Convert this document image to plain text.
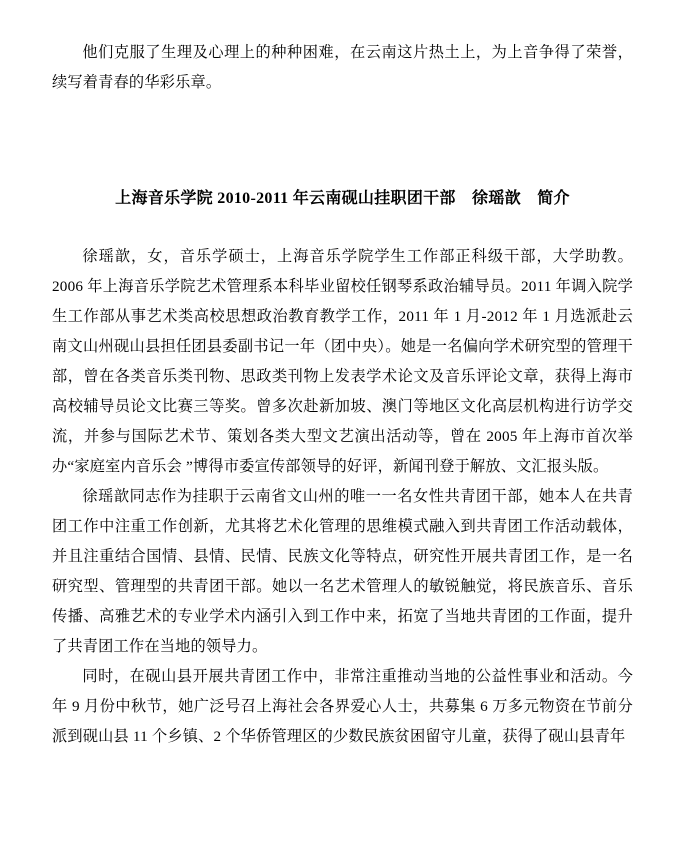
他们克服了生理及心理上的种种困难，在云南这片热土上，为上音争得了荣誉，续写着青春的华彩乐章。

上海音乐学院 2010-2011 年云南砚山挂职团干部　徐瑶歆　简介

徐瑶歆，女，音乐学硕士，上海音乐学院学生工作部正科级干部，大学助教。2006 年上海音乐学院艺术管理系本科毕业留校任钢琴系政治辅导员。2011 年调入院学生工作部从事艺术类高校思想政治教育教学工作，2011 年 1 月-2012 年 1 月选派赴云南文山州砚山县担任团县委副书记一年（团中央）。她是一名偏向学术研究型的管理干部，曾在各类音乐类刊物、思政类刊物上发表学术论文及音乐评论文章，获得上海市高校辅导员论文比赛三等奖。曾多次赴新加坡、澳门等地区文化高层机构进行访学交流，并参与国际艺术节、策划各类大型文艺演出活动等，曾在 2005 年上海市首次举办“家庭室内音乐会 ”博得市委宣传部领导的好评，新闻刊登于解放、文汇报头版。

徐瑶歆同志作为挂职于云南省文山州的唯一一名女性共青团干部，她本人在共青团工作中注重工作创新，尤其将艺术化管理的思维模式融入到共青团工作活动载体，并且注重结合国情、县情、民情、民族文化等特点，研究性开展共青团工作，是一名研究型、管理型的共青团干部。她以一名艺术管理人的敏锐触觉，将民族音乐、音乐传播、高雅艺术的专业学术内涵引入到工作中来，拓宽了当地共青团的工作面，提升了共青团工作在当地的领导力。

同时，在砚山县开展共青团工作中，非常注重推动当地的公益性事业和活动。今年 9 月份中秋节，她广泛号召上海社会各界爱心人士，共募集 6 万多元物资在节前分派到砚山县 11 个乡镇、2 个华侨管理区的少数民族贫困留守儿童，获得了砚山县青年
